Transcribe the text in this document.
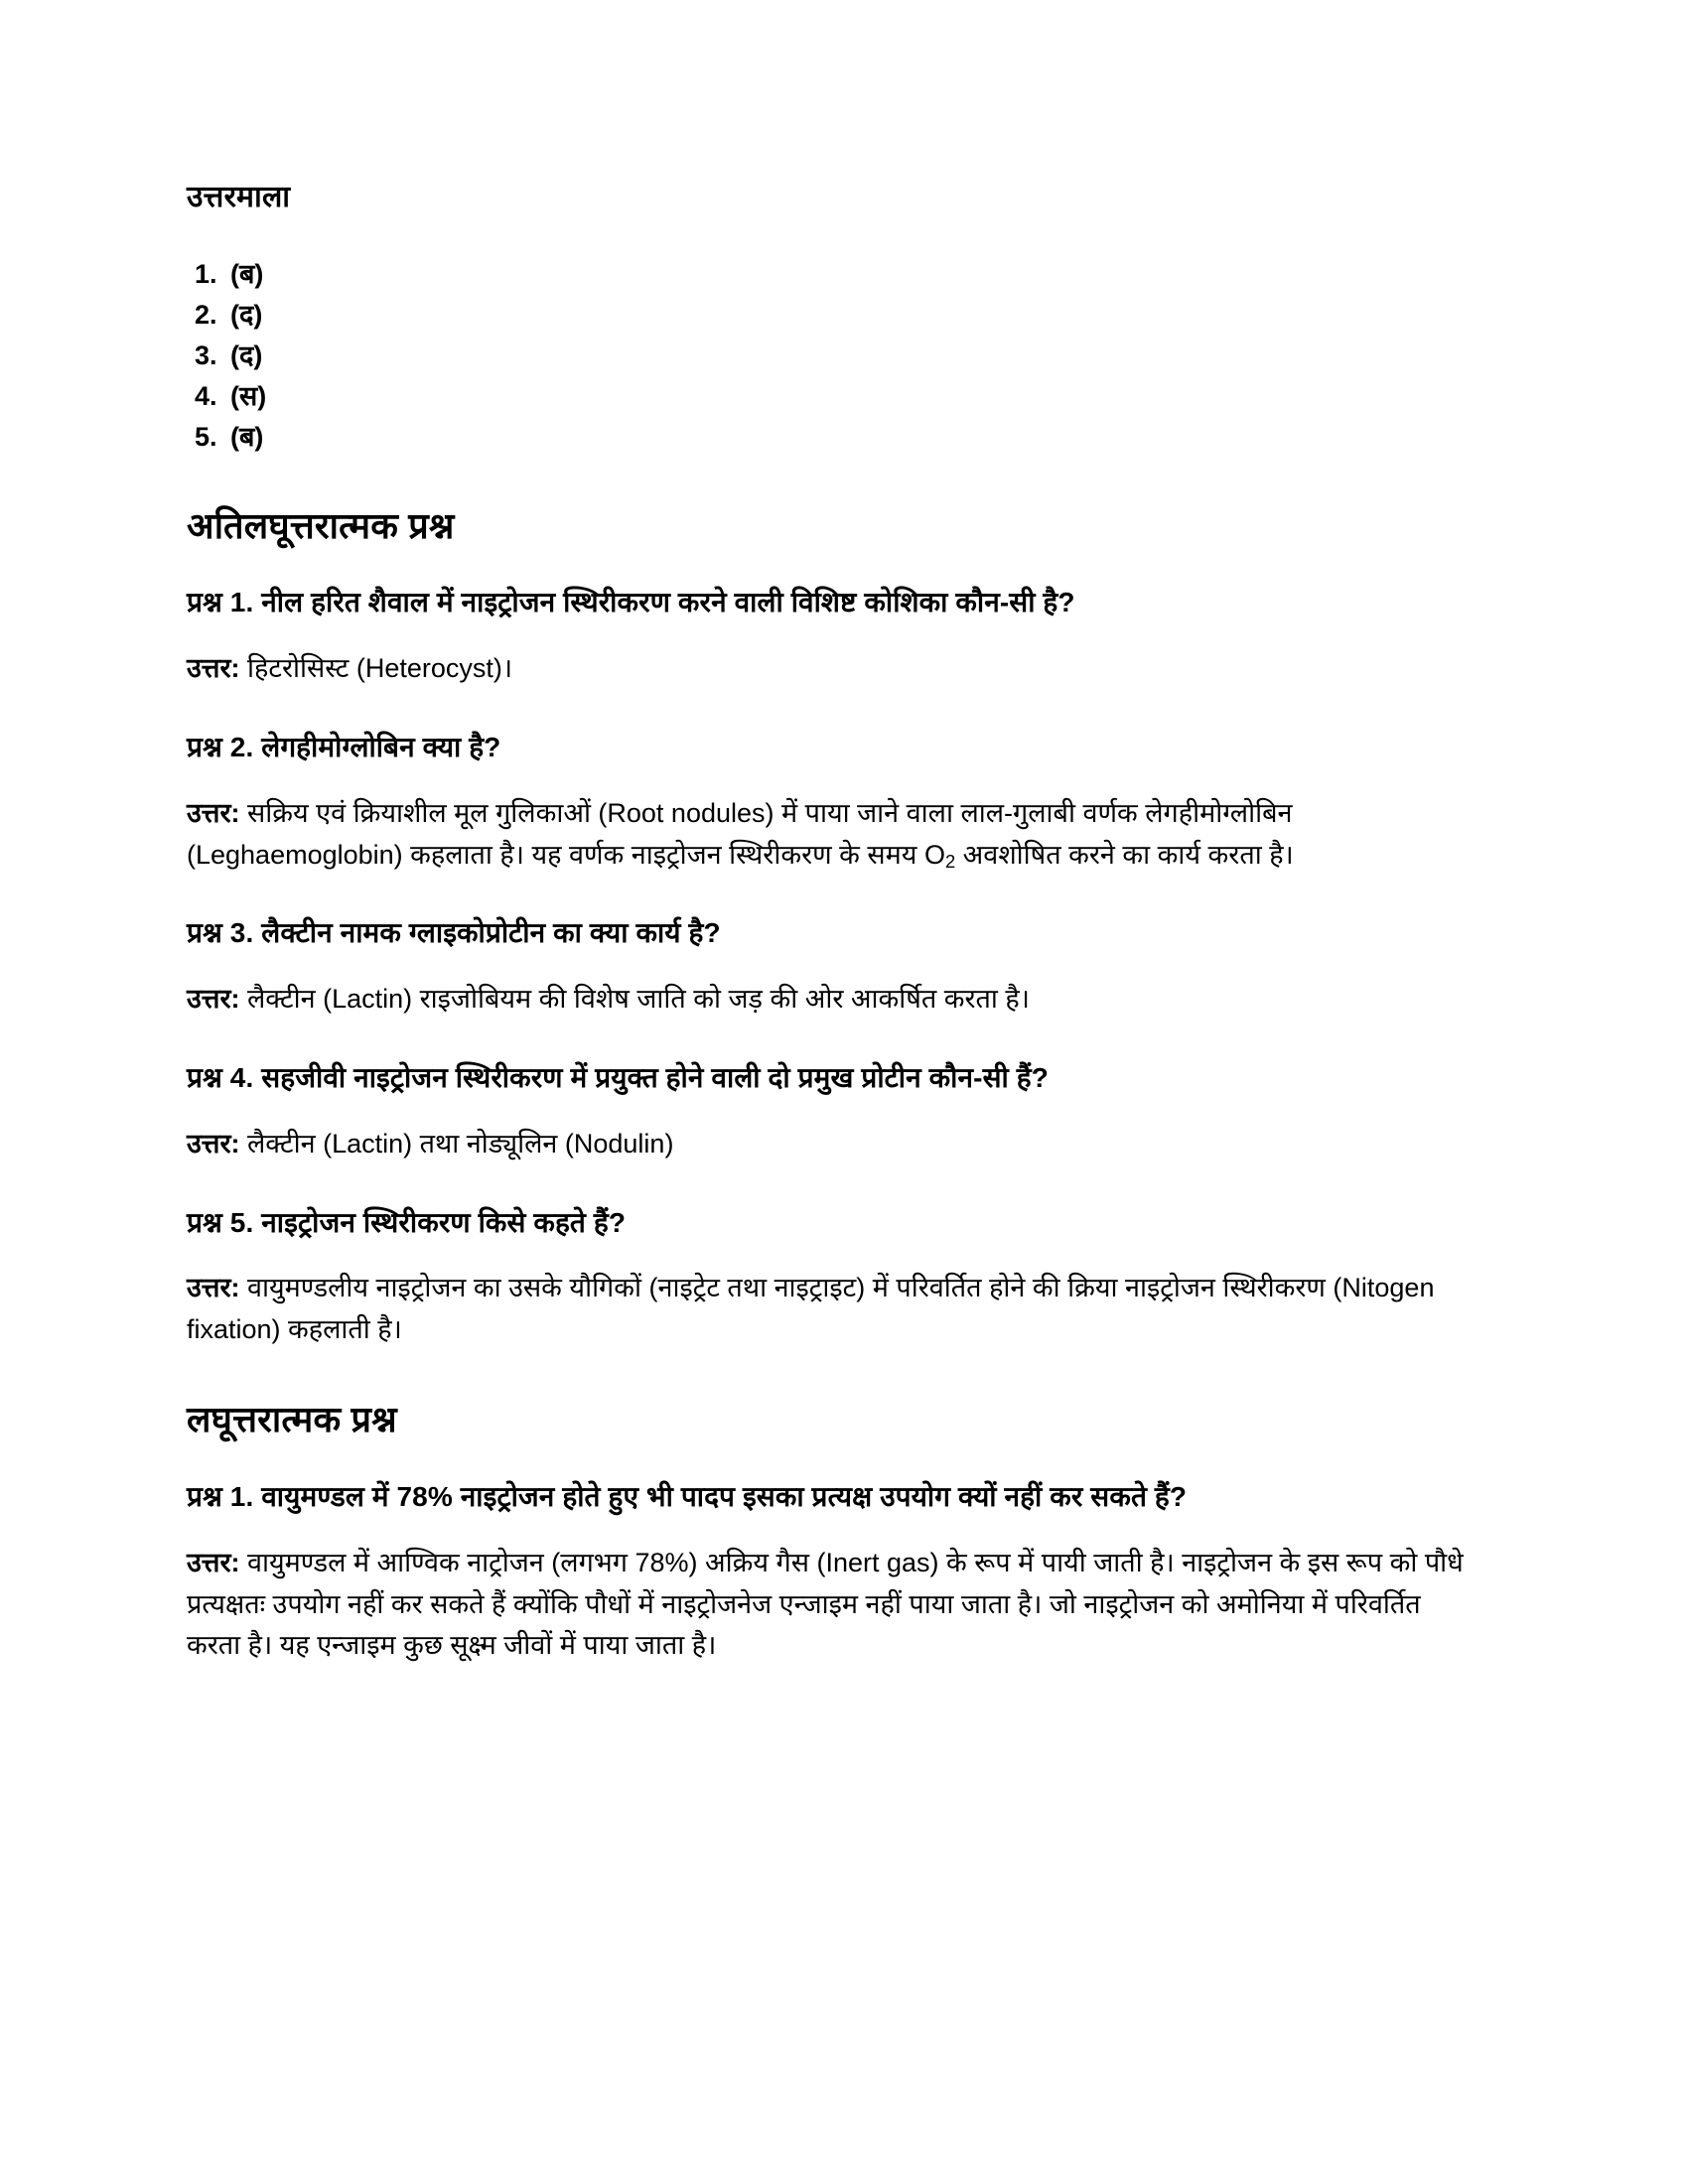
उत्तरमाला
(ब)
(द)
(द)
(स)
(ब)
अतिलघूत्तरात्मक प्रश्न

प्रश्न 1. नील हरित शैवाल में नाइट्रोजन स्थिरीकरण करने वाली विशिष्ट कोशिका कौन-सी है?

उत्तर: हिटरोसिस्ट (Heterocyst)।

प्रश्न 2. लेगहीमोग्लोबिन क्या है?

उत्तर: सक्रिय एवं क्रियाशील मूल गुलिकाओं (Root nodules) में पाया जाने वाला लाल-गुलाबी वर्णक लेगहीमोग्लोबिन (Leghaemoglobin) कहलाता है। यह वर्णक नाइट्रोजन स्थिरीकरण के समय $O_2$ अवशोषित करने का कार्य करता है।

प्रश्न 3. लैक्टीन नामक ग्लाइकोप्रोटीन का क्या कार्य है?

उत्तर: लैक्टीन (Lactin) राइजोबियम की विशेष जाति को जड़ की ओर आकर्षित करता है।

प्रश्न 4. सहजीवी नाइट्रोजन स्थिरीकरण में प्रयुक्त होने वाली दो प्रमुख प्रोटीन कौन-सी हैं?

उत्तर: लैक्टीन (Lactin) तथा नोड्यूलिन (Nodulin)

प्रश्न 5. नाइट्रोजन स्थिरीकरण किसे कहते हैं?

उत्तर: वायुमण्डलीय नाइट्रोजन का उसके यौगिकों (नाइट्रेट तथा नाइट्राइट) में परिवर्तित होने की क्रिया नाइट्रोजन स्थिरीकरण (Nitogen fixation) कहलाती है।

लघूत्तरात्मक प्रश्न

प्रश्न 1. वायुमण्डल में 78% नाइट्रोजन होते हुए भी पादप इसका प्रत्यक्ष उपयोग क्यों नहीं कर सकते हैं?

उत्तर: वायुमण्डल में आण्विक नाट्रोजन (लगभग 78%) अक्रिय गैस (Inert gas) के रूप में पायी जाती है। नाइट्रोजन के इस रूप को पौधे प्रत्यक्षतः उपयोग नहीं कर सकते हैं क्योंकि पौधों में नाइट्रोजनेज एन्जाइम नहीं पाया जाता है। जो नाइट्रोजन को अमोनिया में परिवर्तित करता है। यह एन्जाइम कुछ सूक्ष्म जीवों में पाया जाता है।
